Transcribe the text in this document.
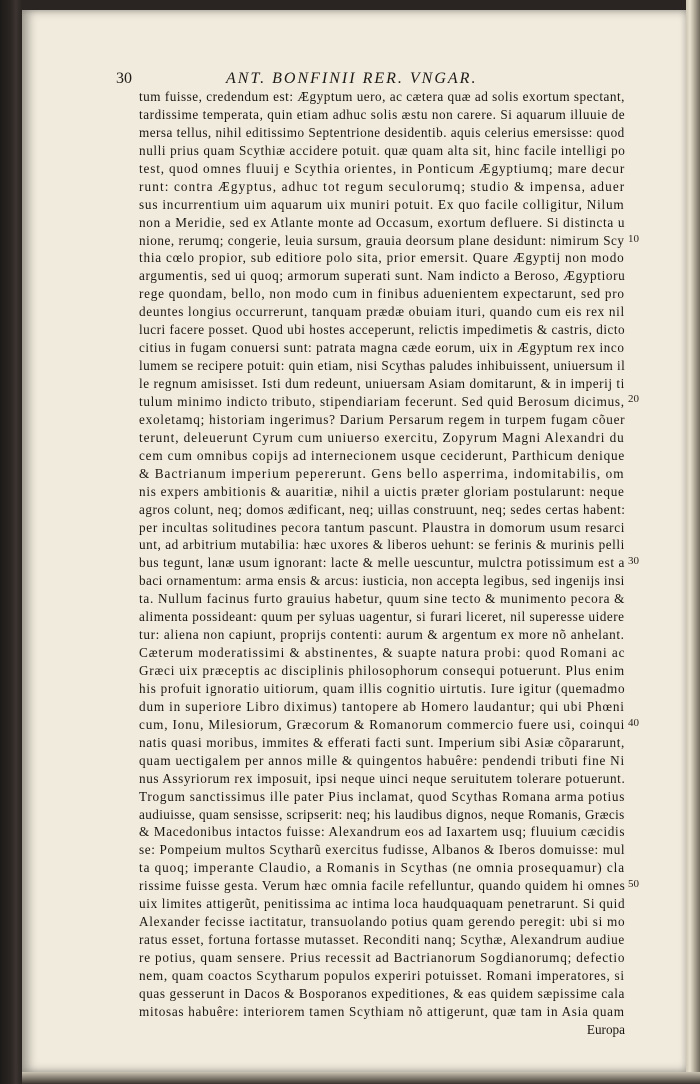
30	ANT. BONFINII RER. VNGAR.
tum fuisse, credendum est: Ægyptum uero, ac cætera quæ ad solis exortum spectant,
tardissime temperata, quin etiam adhuc solis æstu non carere. Si aquarum illuuie de
mersa tellus, nihil editissimo Septentrione desidentib. aquis celerius emersisse: quod
nulli prius quam Scythiæ accidere potuit. quæ quam alta sit, hinc facile intelligi po
test, quod omnes fluuij e Scythia orientes, in Ponticum Ægyptiumq; mare decur
runt: contra Ægyptus, adhuc tot regum seculorumq; studio & impensa, aduer
sus incurrentium uim aquarum uix muniri potuit. Ex quo facile colligitur, Nilum
non a Meridie, sed ex Atlante monte ad Occasum, exortum defluere. Si distincta u
nione, rerumq; congerie, leuia sursum, grauia deorsum plane desidunt: nimirum Scy
thia cœlo propior, sub editiore polo sita, prior emersit. Quare Ægyptij non modo
argumentis, sed ui quoq; armorum superati sunt. Nam indicto a Beroso, Ægyptioru
rege quondam, bello, non modo cum in finibus aduenientem expectarunt, sed pro
deuntes longius occurrerunt, tanquam prædæ obuiam ituri, quando cum eis rex nil
lucri facere posset. Quod ubi hostes acceperunt, relictis impedimetis & castris, dicto
citius in fugam conuersi sunt: patrata magna cæde eorum, uix in Ægyptum rex inco
lumem se recipere potuit: quin etiam, nisi Scythas paludes inhibuissent, uniuersum il
le regnum amisisset. Isti dum redeunt, uniuersam Asiam domitarunt, & in imperij ti
tulum minimo indicto tributo, stipendiariam fecerunt. Sed quid Berosum dicimus,
exoletamq; historiam ingerimus? Darium Persarum regem in turpem fugam cõuer
terunt, deleuerunt Cyrum cum uniuerso exercitu, Zopyrum Magni Alexandri du
cem cum omnibus copijs ad internecionem usque ceciderunt, Parthicum denique
& Bactrianum imperium pepererunt. Gens bello asperrima, indomitabilis, om
nis expers ambitionis & auaritiæ, nihil a uictis præter gloriam postularunt: neque
agros colunt, neq; domos ædificant, neq; uillas construunt, neq; sedes certas habent:
per incultas solitudines pecora tantum pascunt. Plaustra in domorum usum resarci
unt, ad arbitrium mutabilia: hæc uxores & liberos uehunt: se ferinis & murinis pelli
bus tegunt, lanæ usum ignorant: lacte & melle uescuntur, mulctra potissimum est a
baci ornamentum: arma ensis & arcus: iusticia, non accepta legibus, sed ingenijs insi
ta. Nullum facinus furto grauius habetur, quum sine tecto & munimento pecora &
alimenta possideant: quum per syluas uagentur, si furari liceret, nil superesse uidere
tur: aliena non capiunt, proprijs contenti: aurum & argentum ex more nõ anhelant.
Cæterum moderatissimi & abstinentes, & suapte natura probi: quod Romani ac
Græci uix præceptis ac disciplinis philosophorum consequi potuerunt. Plus enim
his profuit ignoratio uitiorum, quam illis cognitio uirtutis. Iure igitur (quemadmo
dum in superiore Libro diximus) tantopere ab Homero laudantur; qui ubi Phœni
cum, Ionu, Milesiorum, Græcorum & Romanorum commercio fuere usi, coinqui
natis quasi moribus, immites & efferati facti sunt. Imperium sibi Asiæ cõpararunt,
quam uectigalem per annos mille & quingentos habuêre: pendendi tributi fine Ni
nus Assyriorum rex imposuit, ipsi neque uinci neque seruitutem tolerare potuerunt.
Trogum sanctissimus ille pater Pius inclamat, quod Scythas Romana arma potius
audiuisse, quam sensisse, scripserit: neq; his laudibus dignos, neque Romanis, Græcis
& Macedonibus intactos fuisse: Alexandrum eos ad Iaxartem usq; fluuium cæcidis
se: Pompeium multos Scytharũ exercitus fudisse, Albanos & Iberos domuisse: mul
ta quoq; imperante Claudio, a Romanis in Scythas (ne omnia prosequamur) cla
rissime fuisse gesta. Verum hæc omnia facile refelluntur, quando quidem hi omnes
uix limites attigerũt, penitissima ac intima loca haudquaquam penetrarunt. Si quid
Alexander fecisse iactitatur, transuolando potius quam gerendo peregit: ubi si mo
ratus esset, fortuna fortasse mutasset. Reconditi nanq; Scythæ, Alexandrum audiue
re potius, quam sensere. Prius recessit ad Bactrianorum Sogdianorumq; defectio
nem, quam coactos Scytharum populos experiri potuisset. Romani imperatores, si
quas gesserunt in Dacos & Bosporanos expeditiones, & eas quidem sæpissime cala
mitosas habuêre: interiorem tamen Scythiam nõ attigerunt, quæ tam in Asia quam
Europa
10
20
30
40
50
